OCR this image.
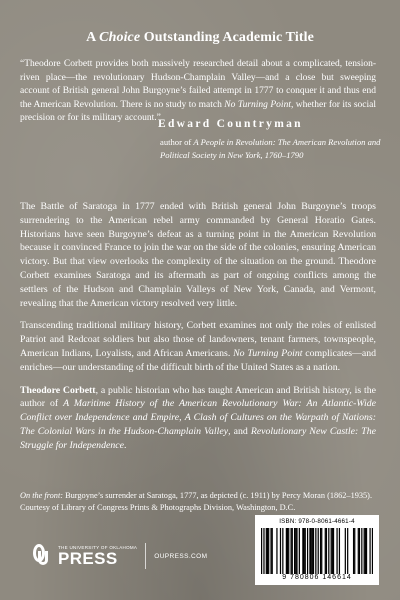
A Choice Outstanding Academic Title
“Theodore Corbett provides both massively researched detail about a complicated, tension-riven place—the revolutionary Hudson-Champlain Valley—and a close but sweeping account of British general John Burgoyne’s failed attempt in 1777 to conquer it and thus end the American Revolution. There is no study to match No Turning Point, whether for its social precision or for its military account.”
Edward Countryman
author of A People in Revolution: The American Revolution and Political Society in New York, 1760–1790

The Battle of Saratoga in 1777 ended with British general John Burgoyne’s troops surrendering to the American rebel army commanded by General Horatio Gates. Historians have seen Burgoyne’s defeat as a turning point in the American Revolution because it convinced France to join the war on the side of the colonies, ensuring American victory. But that view overlooks the complexity of the situation on the ground. Theodore Corbett examines Saratoga and its aftermath as part of ongoing conflicts among the settlers of the Hudson and Champlain Valleys of New York, Canada, and Vermont, revealing that the American victory resolved very little.

Transcending traditional military history, Corbett examines not only the roles of enlisted Patriot and Redcoat soldiers but also those of landowners, tenant farmers, townspeople, American Indians, Loyalists, and African Americans. No Turning Point complicates—and enriches—our understanding of the difficult birth of the United States as a nation.

Theodore Corbett, a public historian who has taught American and British history, is the author of A Maritime History of the American Revolutionary War: An Atlantic-Wide Conflict over Independence and Empire, A Clash of Cultures on the Warpath of Nations: The Colonial Wars in the Hudson-Champlain Valley, and Revolutionary New Castle: The Struggle for Independence.

On the front: Burgoyne’s surrender at Saratoga, 1777, as depicted (c. 1911) by Percy Moran (1862–1935). Courtesy of Library of Congress Prints & Photographs Division, Washington, D.C.
THE UNIVERSITY OF OKLAHOMA
PRESS	OUPRESS.COM
ISBN: 978-0-8061-4661-4
9 780806 146614
